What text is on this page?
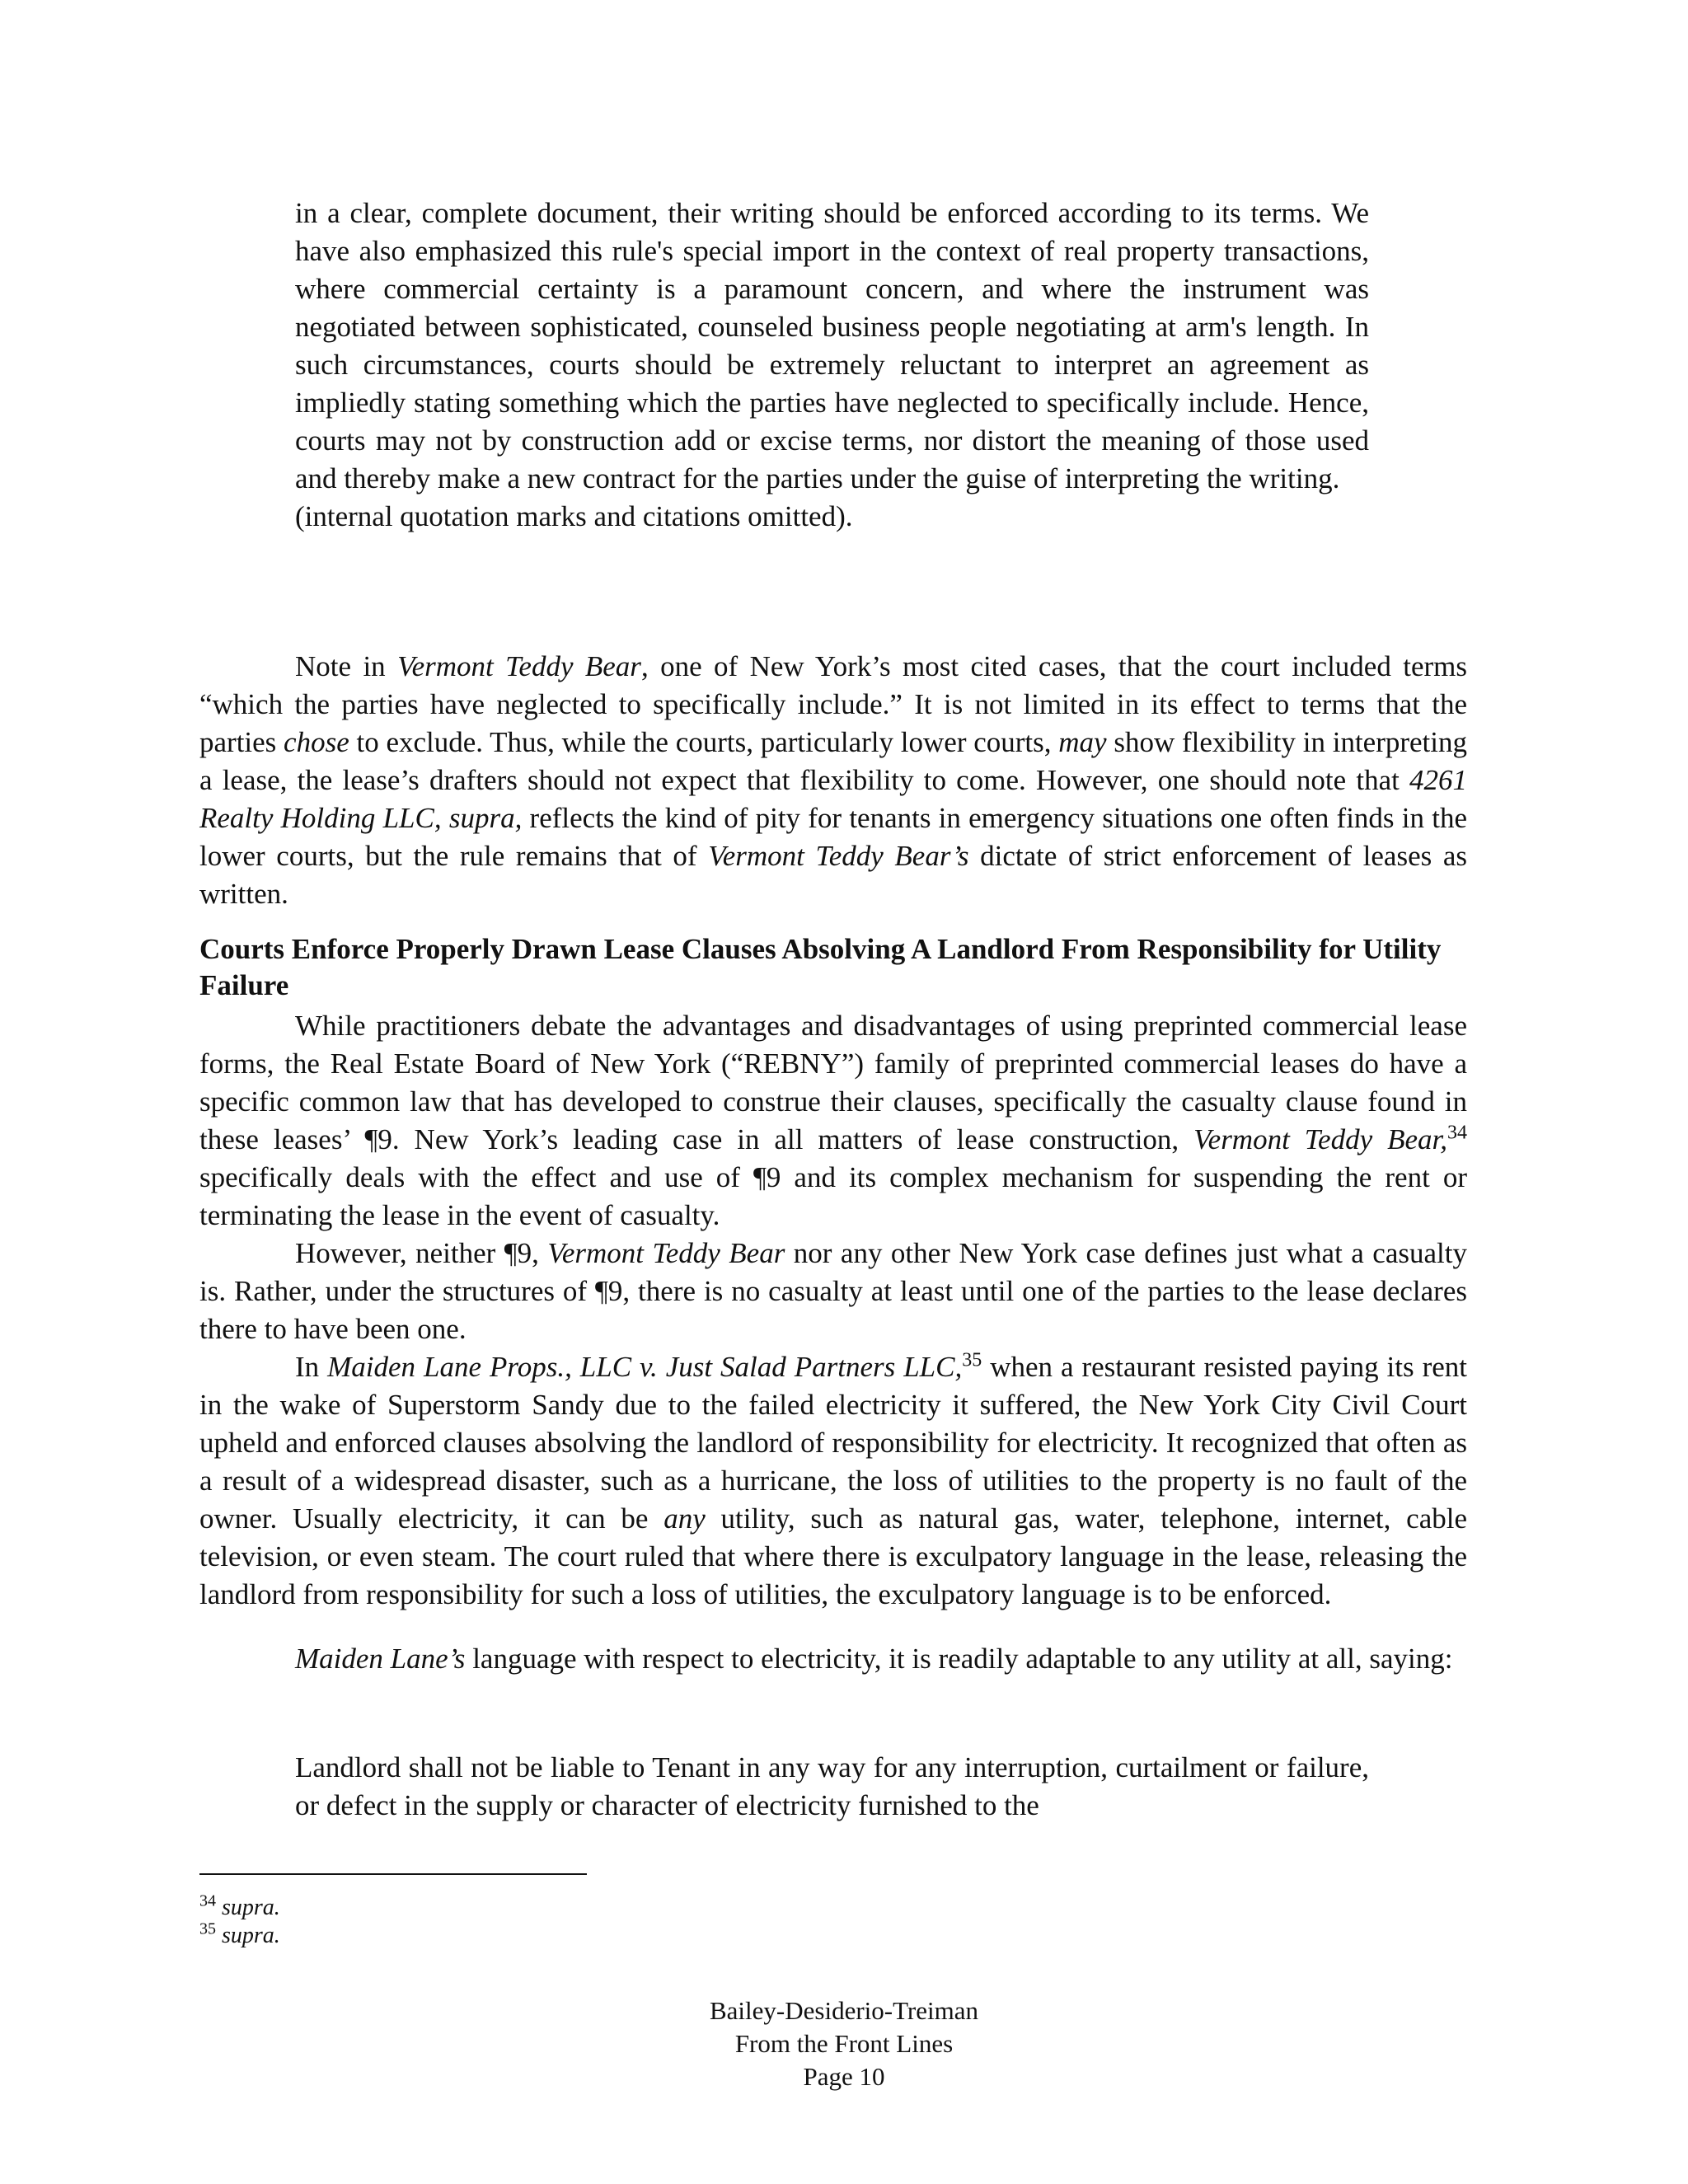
in a clear, complete document, their writing should be enforced according to its terms. We have also emphasized this rule's special import in the context of real property transactions, where commercial certainty is a paramount concern, and where the instrument was negotiated between sophisticated, counseled business people negotiating at arm's length. In such circumstances, courts should be extremely reluctant to interpret an agreement as impliedly stating something which the parties have neglected to specifically include. Hence, courts may not by construction add or excise terms, nor distort the meaning of those used and thereby make a new contract for the parties under the guise of interpreting the writing.

(internal quotation marks and citations omitted).

Note in Vermont Teddy Bear, one of New York’s most cited cases, that the court included terms “which the parties have neglected to specifically include.” It is not limited in its effect to terms that the parties chose to exclude. Thus, while the courts, particularly lower courts, may show flexibility in interpreting a lease, the lease’s drafters should not expect that flexibility to come. However, one should note that 4261 Realty Holding LLC, supra, reflects the kind of pity for tenants in emergency situations one often finds in the lower courts, but the rule remains that of Vermont Teddy Bear’s dictate of strict enforcement of leases as written.
Courts Enforce Properly Drawn Lease Clauses Absolving A Landlord From Responsibility for Utility Failure
While practitioners debate the advantages and disadvantages of using preprinted commercial lease forms, the Real Estate Board of New York (“REBNY”) family of preprinted commercial leases do have a specific common law that has developed to construe their clauses, specifically the casualty clause found in these leases’ ¶9. New York’s leading case in all matters of lease construction, Vermont Teddy Bear,$^{34}$ specifically deals with the effect and use of ¶9 and its complex mechanism for suspending the rent or terminating the lease in the event of casualty.
However, neither ¶9, Vermont Teddy Bear nor any other New York case defines just what a casualty is. Rather, under the structures of ¶9, there is no casualty at least until one of the parties to the lease declares there to have been one.
In Maiden Lane Props., LLC v. Just Salad Partners LLC,$^{35}$ when a restaurant resisted paying its rent in the wake of Superstorm Sandy due to the failed electricity it suffered, the New York City Civil Court upheld and enforced clauses absolving the landlord of responsibility for electricity. It recognized that often as a result of a widespread disaster, such as a hurricane, the loss of utilities to the property is no fault of the owner. Usually electricity, it can be any utility, such as natural gas, water, telephone, internet, cable television, or even steam. The court ruled that where there is exculpatory language in the lease, releasing the landlord from responsibility for such a loss of utilities, the exculpatory language is to be enforced.
Maiden Lane’s language with respect to electricity, it is readily adaptable to any utility at all, saying:

Landlord shall not be liable to Tenant in any way for any interruption, curtailment or failure, or defect in the supply or character of electricity furnished to the

$^{34}$ supra.
$^{35}$ supra.
Bailey-Desiderio-Treiman
From the Front Lines
Page 10
